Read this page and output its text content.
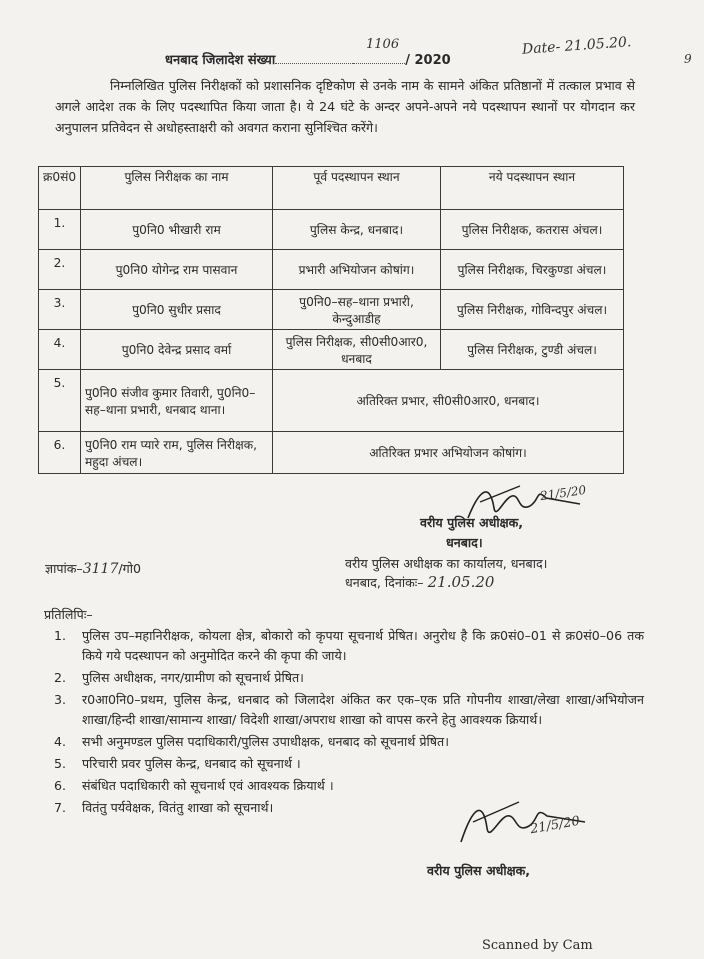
धनबाद जिलादेश संख्या	/ 2020
1106	Date- 21.05.20.
9
निम्नलिखित पुलिस निरीक्षकों को प्रशासनिक दृष्टिकोण से उनके नाम के सामने अंकित प्रतिष्ठानों में तत्काल प्रभाव से अगले आदेश तक के लिए पदस्थापित किया जाता है। ये 24 घंटे के अन्दर अपने-अपने नये पदस्थापन स्थानों पर योगदान कर अनुपालन प्रतिवेदन से अधोहस्ताक्षरी को अवगत कराना सुनिश्चित करेंगे।
क्र0सं0	पुलिस निरीक्षक का नाम	पूर्व पदस्थापन स्थान	नये पदस्थापन स्थान
1.	पु0नि0 भीखारी राम	पुलिस केन्द्र, धनबाद।	पुलिस निरीक्षक, कतरास अंचल।
2.	पु0नि0 योगेन्द्र राम पासवान	प्रभारी अभियोजन कोषांग।	पुलिस निरीक्षक, चिरकुण्डा अंचल।
3.	पु0नि0 सुधीर प्रसाद	पु0नि0–सह–थाना प्रभारी, केन्दुआडीह	पुलिस निरीक्षक, गोविन्दपुर अंचल।
4.	पु0नि0 देवेन्द्र प्रसाद वर्मा	पुलिस निरीक्षक, सी0सी0आर0, धनबाद	पुलिस निरीक्षक, टुण्डी अंचल।
5.	पु0नि0 संजीव कुमार तिवारी, पु0नि0–सह–थाना प्रभारी, धनबाद थाना।	अतिरिक्त प्रभार, सी0सी0आर0, धनबाद।	
6.	पु0नि0 राम प्यारे राम, पुलिस निरीक्षक, महुदा अंचल।	अतिरिक्त प्रभार अभियोजन कोषांग।	
21/5/20
वरीय पुलिस अधीक्षक,
धनबाद।
ज्ञापांक–3117/गो0	वरीय पुलिस अधीक्षक का कार्यालय, धनबाद।
धनबाद, दिनांकः– 21.05.20
प्रतिलिपिः–
1. पुलिस उप–महानिरीक्षक, कोयला क्षेत्र, बोकारो को कृपया सूचनार्थ प्रेषित। अनुरोध है कि क्र0सं0–01 से क्र0सं0–06 तक किये गये पदस्थापन को अनुमोदित करने की कृपा की जाये।
2. पुलिस अधीक्षक, नगर/ग्रामीण को सूचनार्थ प्रेषित।
3. र0आ0नि0–प्रथम, पुलिस केन्द्र, धनबाद को जिलादेश अंकित कर एक–एक प्रति गोपनीय शाखा/लेखा शाखा/अभियोजन शाखा/हिन्दी शाखा/सामान्य शाखा/ विदेशी शाखा/अपराध शाखा को वापस करने हेतु आवश्यक क्रियार्थ।
4. सभी अनुमण्डल पुलिस पदाधिकारी/पुलिस उपाधीक्षक, धनबाद को सूचनार्थ प्रेषित।
5. परिचारी प्रवर पुलिस केन्द्र, धनबाद को सूचनार्थ ।
6. संबंधित पदाधिकारी को सूचनार्थ एवं आवश्यक क्रियार्थ ।
7. वितंतु पर्यवेक्षक, वितंतु शाखा को सूचनार्थ।
21/5/20
वरीय पुलिस अधीक्षक,
Scanned by Cam
